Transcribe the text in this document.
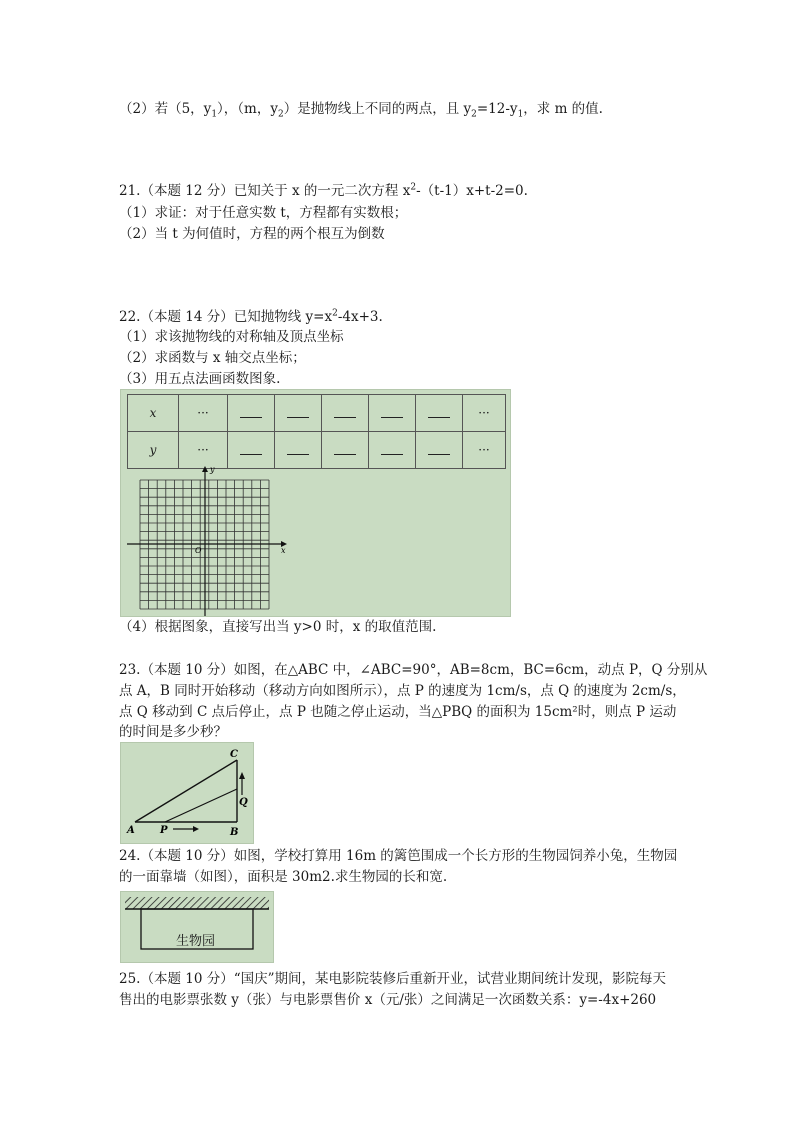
（2）若（5，$y_1$），（m，$y_2$）是抛物线上不同的两点，且 $y_2=12-y_1$，求 m 的值.
21.（本题 12 分）已知关于 x 的一元二次方程 $x^2-(t-1)x+t-2=0$.
（1）求证：对于任意实数 t，方程都有实数根；
（2）当 t 为何值时，方程的两个根互为倒数
22.（本题 14 分）已知抛物线 $y=x^2-4x+3$.
（1）求该抛物线的对称轴及顶点坐标
（2）求函数与 x 轴交点坐标；
（3）用五点法画函数图象.
x	···						···
y	···						···
y
x
O
（4）根据图象，直接写出当 y>0 时，x 的取值范围.
23.（本题 10 分）如图，在△ABC 中，∠ABC=90°，AB=8cm，BC=6cm，动点 P，Q 分别从
点 A，B 同时开始移动（移动方向如图所示），点 P 的速度为 1cm/s，点 Q 的速度为 2cm/s，
点 Q 移动到 C 点后停止，点 P 也随之停止运动，当△PBQ 的面积为 15cm²时，则点 P 运动
的时间是多少秒？
A	P	B
C
Q
24.（本题 10 分）如图，学校打算用 16m 的篱笆围成一个长方形的生物园饲养小兔，生物园
的一面靠墙（如图），面积是 30m2.求生物园的长和宽.
生物园
25.（本题 10 分）“国庆”期间，某电影院装修后重新开业，试营业期间统计发现，影院每天
售出的电影票张数 y（张）与电影票售价 x（元/张）之间满足一次函数关系：y=-4x+260
